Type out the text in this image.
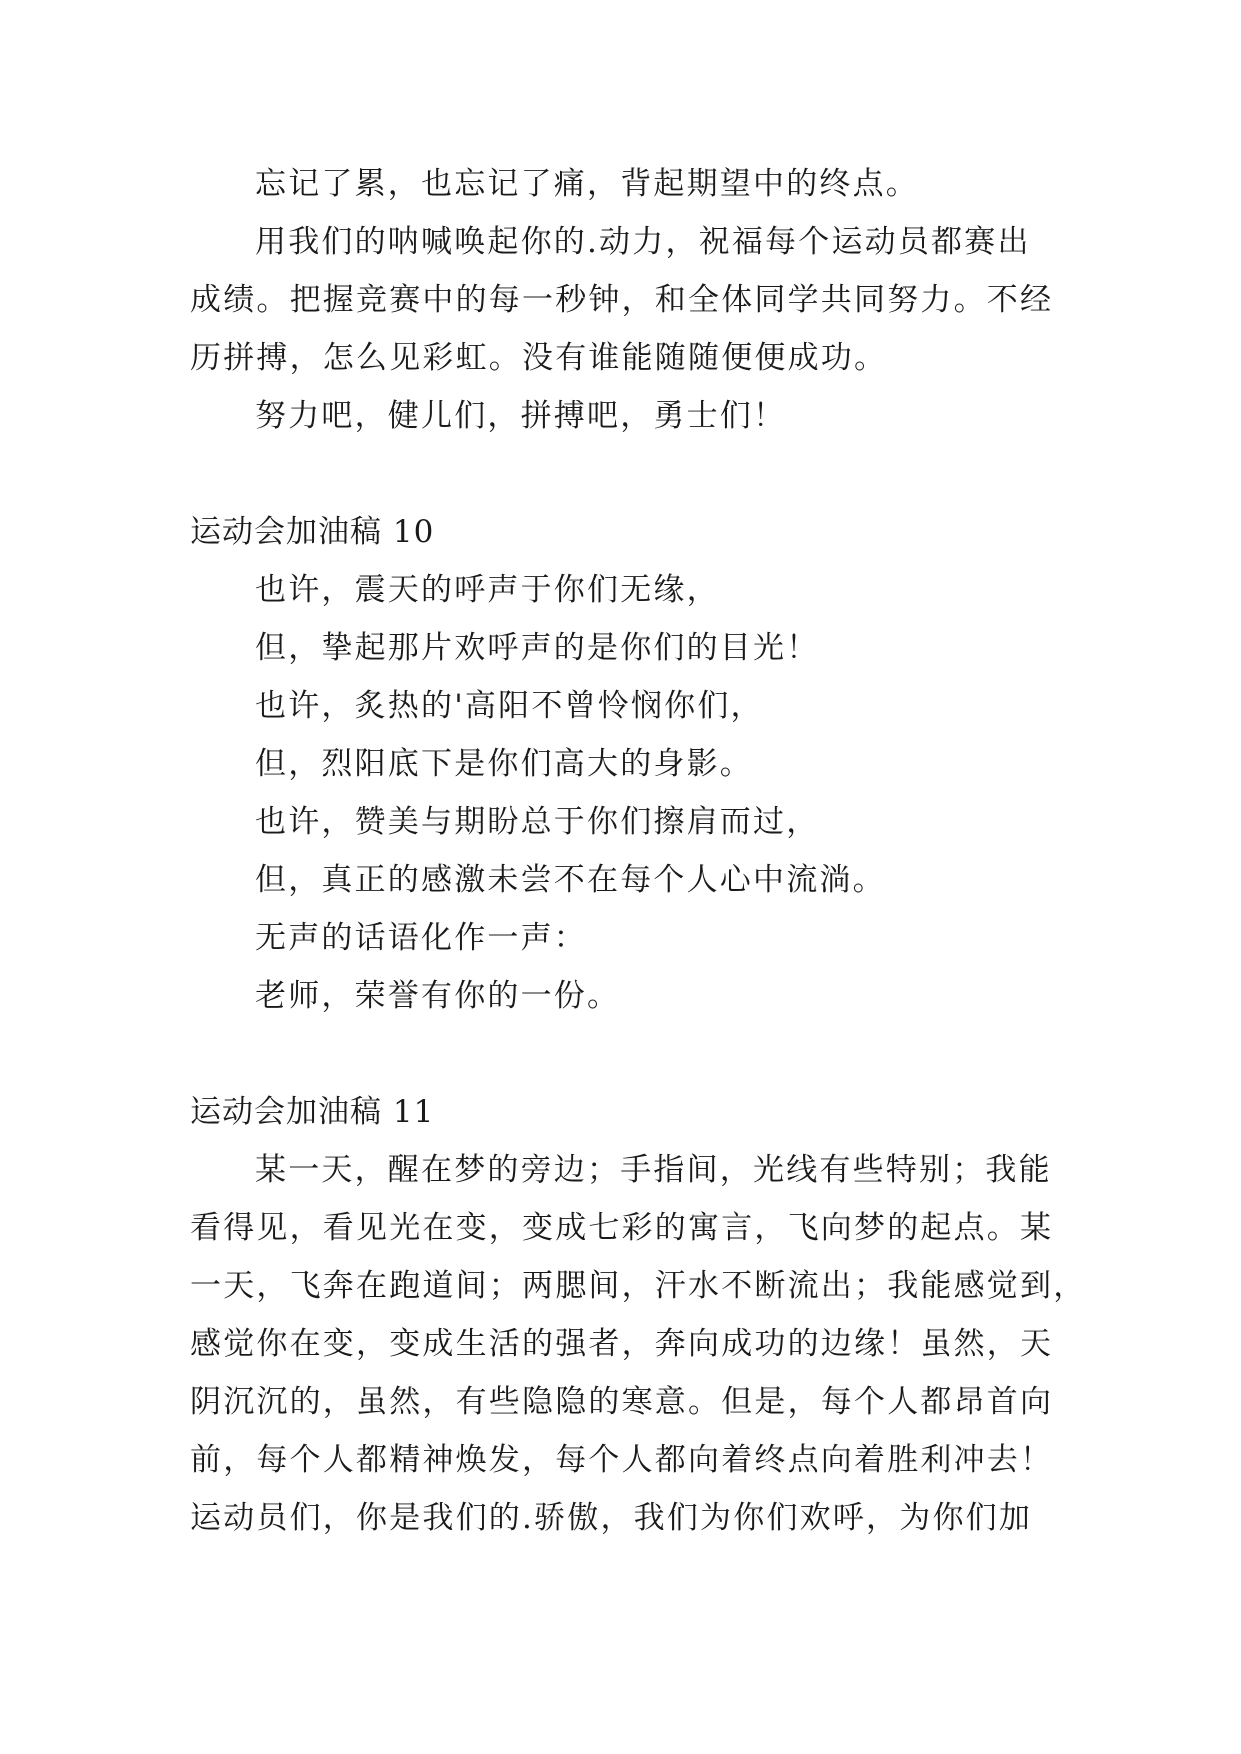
忘记了累，也忘记了痛，背起期望中的终点。
用我们的呐喊唤起你的.动力，祝福每个运动员都赛出
成绩。把握竞赛中的每一秒钟，和全体同学共同努力。不经
历拼搏，怎么见彩虹。没有谁能随随便便成功。
努力吧，健儿们，拼搏吧，勇士们！
运动会加油稿 10
也许，震天的呼声于你们无缘，
但，挚起那片欢呼声的是你们的目光！
也许，炙热的'高阳不曾怜悯你们，
但，烈阳底下是你们高大的身影。
也许，赞美与期盼总于你们擦肩而过，
但，真正的感激未尝不在每个人心中流淌。
无声的话语化作一声：
老师，荣誉有你的一份。
运动会加油稿 11
某一天，醒在梦的旁边；手指间，光线有些特别；我能
看得见，看见光在变，变成七彩的寓言，飞向梦的起点。某
一天，飞奔在跑道间；两腮间，汗水不断流出；我能感觉到，
感觉你在变，变成生活的强者，奔向成功的边缘！虽然，天
阴沉沉的，虽然，有些隐隐的寒意。但是，每个人都昂首向
前，每个人都精神焕发，每个人都向着终点向着胜利冲去！
运动员们，你是我们的.骄傲，我们为你们欢呼，为你们加
